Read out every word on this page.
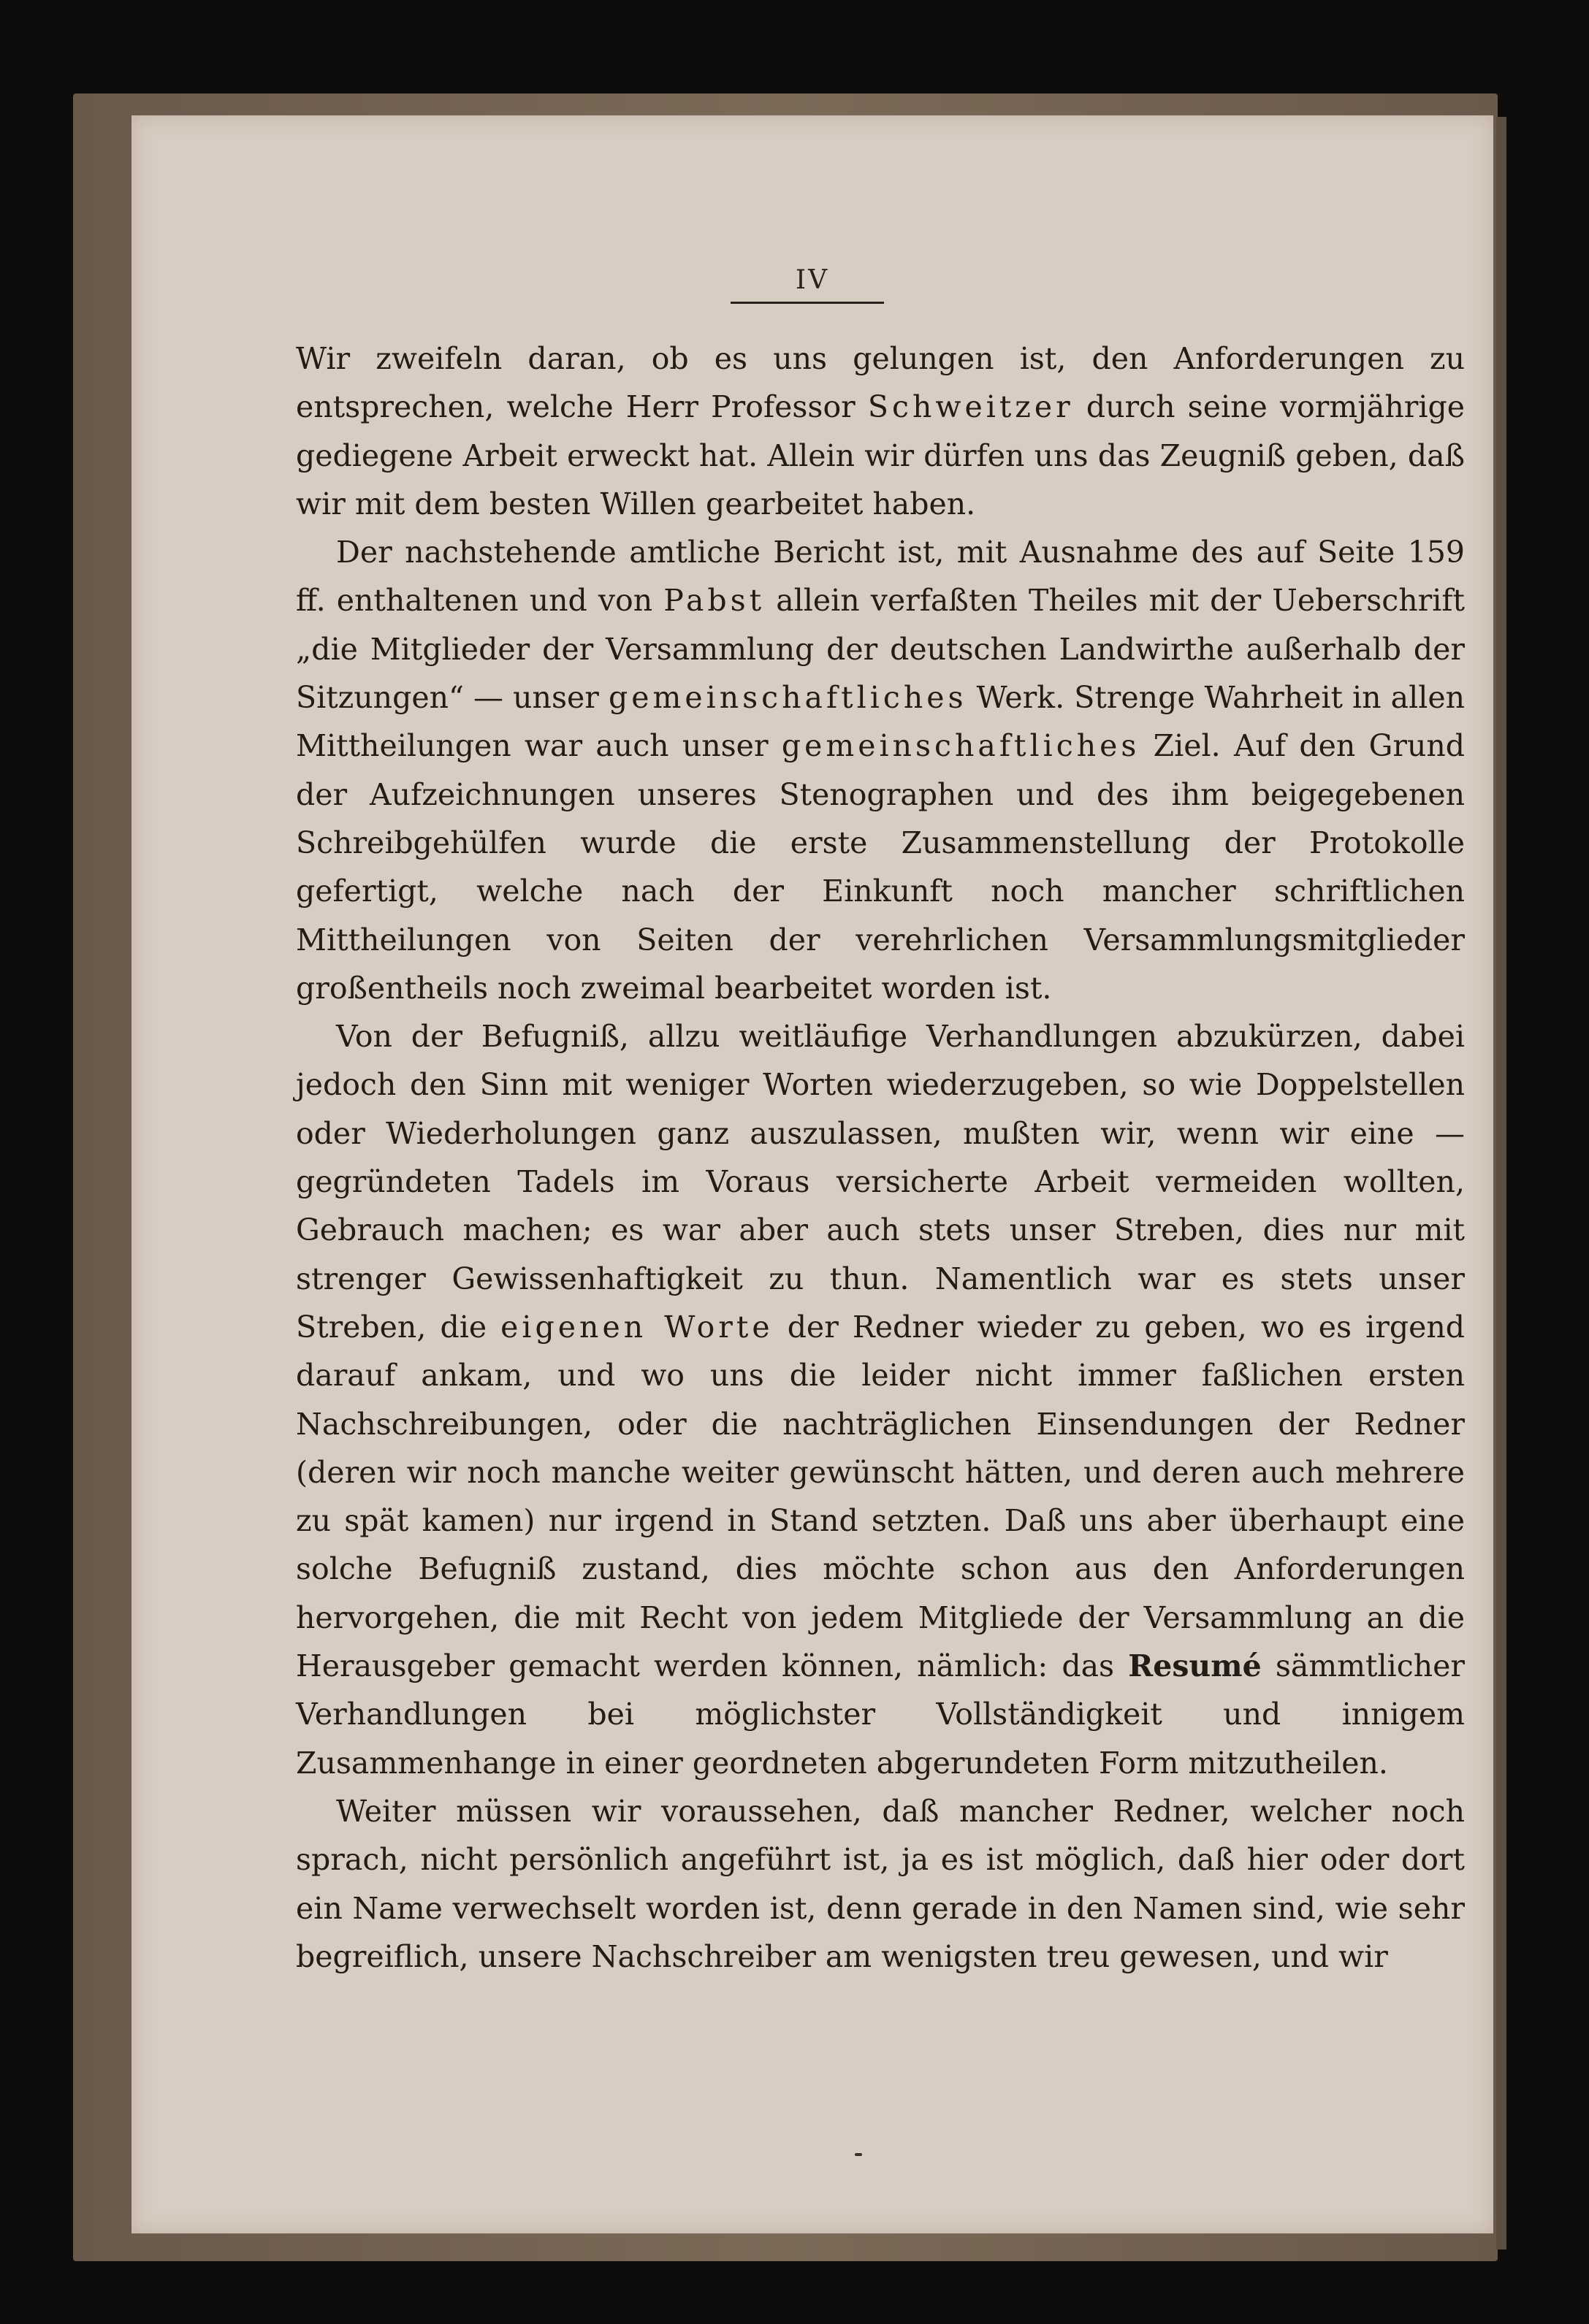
IV

Wir zweifeln daran, ob es uns gelungen ist, den Anforderungen zu entsprechen, welche Herr Professor Schweitzer durch seine vormjährige gediegene Arbeit erweckt hat. Allein wir dürfen uns das Zeugniß geben, daß wir mit dem besten Willen gearbeitet haben.

Der nachstehende amtliche Bericht ist, mit Ausnahme des auf Seite 159 ff. enthaltenen und von Pabst allein verfaßten Theiles mit der Ueberschrift „die Mitglieder der Versammlung der deutschen Landwirthe außerhalb der Sitzungen“ — unser gemeinschaftliches Werk. Strenge Wahrheit in allen Mittheilungen war auch unser gemeinschaftliches Ziel. Auf den Grund der Aufzeichnungen unseres Stenographen und des ihm beigegebenen Schreibgehülfen wurde die erste Zusammenstellung der Protokolle gefertigt, welche nach der Einkunft noch mancher schriftlichen Mittheilungen von Seiten der verehrlichen Versammlungsmitglieder großentheils noch zweimal bearbeitet worden ist.

Von der Befugniß, allzu weitläufige Verhandlungen abzukürzen, dabei jedoch den Sinn mit weniger Worten wiederzugeben, so wie Doppelstellen oder Wiederholungen ganz auszulassen, mußten wir, wenn wir eine — gegründeten Tadels im Voraus versicherte Arbeit vermeiden wollten, Gebrauch machen; es war aber auch stets unser Streben, dies nur mit strenger Gewissenhaftigkeit zu thun. Namentlich war es stets unser Streben, die eigenen Worte der Redner wieder zu geben, wo es irgend darauf ankam, und wo uns die leider nicht immer faßlichen ersten Nachschreibungen, oder die nachträglichen Einsendungen der Redner (deren wir noch manche weiter gewünscht hätten, und deren auch mehrere zu spät kamen) nur irgend in Stand setzten. Daß uns aber überhaupt eine solche Befugniß zustand, dies möchte schon aus den Anforderungen hervorgehen, die mit Recht von jedem Mitgliede der Versammlung an die Herausgeber gemacht werden können, nämlich: das Resumé sämmtlicher Verhandlungen bei möglichster Vollständigkeit und innigem Zusammenhange in einer geordneten abgerundeten Form mitzutheilen.

Weiter müssen wir voraussehen, daß mancher Redner, welcher noch sprach, nicht persönlich angeführt ist, ja es ist möglich, daß hier oder dort ein Name verwechselt worden ist, denn gerade in den Namen sind, wie sehr begreiflich, unsere Nachschreiber am wenigsten treu gewesen, und wir
